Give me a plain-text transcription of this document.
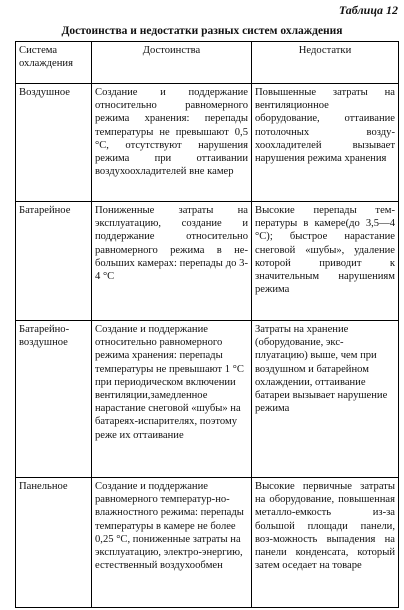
Таблица 12
Достоинства и недостатки разных систем охлаждения
Система
охлаждения	Достоинства	Недостатки
Воздушное	Создание и поддержание относительно равномерного режима хранения: перепады температуры не превышают 0,5 °С, отсутствуют нарушения режима при оттаивании воздухоохладителей вне камер	Повышенные затраты на вентиляционное оборудование, оттаивание потолочных возду-хоохладителей вызывает нарушения режима хранения
Батарейное	Пониженные затраты на эксплуатацию, создание и поддержание относительно равномерного режима в не-больших камерах: перепады до 3-4 °С	Высокие перепады тем-пературы в камере(до 3,5—4 °С); быстрое нарастание снеговой «шубы», удаление которой приводит к значительным нарушениям режима
Батарейно-
воздушное	Создание и поддержание относительно равномерного режима хранения: перепады температуры не превышают 1 °С при периодическом включении вентиляции,замедленное нарастание снеговой «шубы» на батареях-испарителях, поэтому реже их оттаивание	Затраты на хранение (оборудование, экс-плуатацию) выше, чем при воздушном и батарейном охлаждении, оттаивание батареи вызывает нарушение режима
Панельное	Создание и поддержание равномерного температур-но-влажностного режима: перепады температуры в камере не более 0,25 °С, пониженные затраты на эксплуатацию, электро-энергию, естественный воздухообмен	Высокие первичные затраты на оборудование, повышенная металло-емкость из-за большой площади панели, воз-можность выпадения на панели конденсата, который затем оседает на товаре
